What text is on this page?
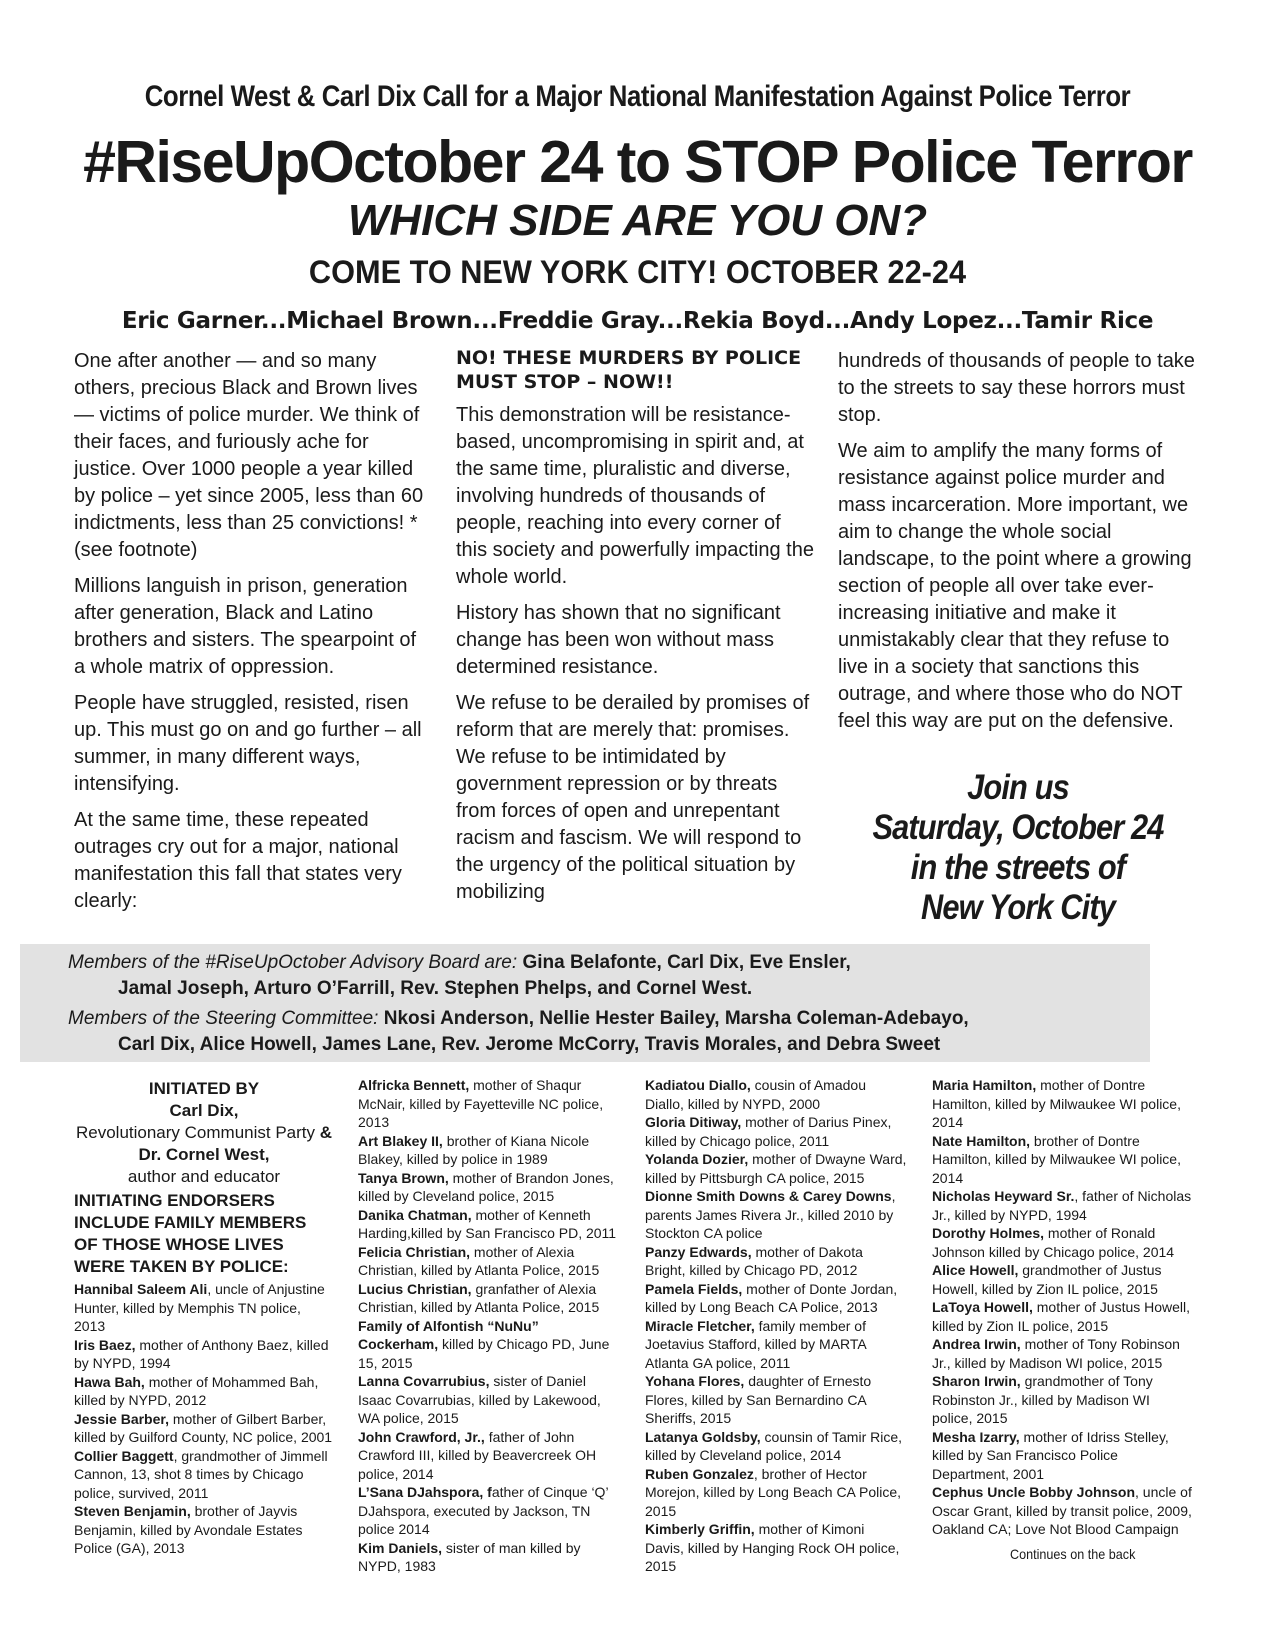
Cornel West & Carl Dix Call for a Major National Manifestation Against Police Terror
#RiseUpOctober 24 to STOP Police Terror
WHICH SIDE ARE YOU ON?
COME TO NEW YORK CITY! OCTOBER 22-24
Eric Garner...Michael Brown...Freddie Gray...Rekia Boyd...Andy Lopez...Tamir Rice

One after another — and so many others, precious Black and Brown lives — victims of police murder. We think of their faces, and furiously ache for justice. Over 1000 people a year killed by police – yet since 2005, less than 60 indictments, less than 25 convictions! * (see footnote)

Millions languish in prison, generation after generation, Black and Latino brothers and sisters. The spearpoint of a whole matrix of oppression.

People have struggled, resisted, risen up. This must go on and go further – all summer, in many different ways, intensifying.

At the same time, these repeated outrages cry out for a major, national manifestation this fall that states very clearly:

NO! THESE MURDERS BY POLICE MUST STOP – NOW!!

This demonstration will be resistance-based, uncompromising in spirit and, at the same time, pluralistic and diverse, involving hundreds of thousands of people, reaching into every corner of this society and powerfully impacting the whole world.

History has shown that no significant change has been won without mass determined resistance.

We refuse to be derailed by promises of reform that are merely that: promises. We refuse to be intimidated by government repression or by threats from forces of open and unrepentant racism and fascism. We will respond to the urgency of the political situation by mobilizing

hundreds of thousands of people to take to the streets to say these horrors must stop.

We aim to amplify the many forms of resistance against police murder and mass incarceration. More important, we aim to change the whole social landscape, to the point where a growing section of people all over take ever-increasing initiative and make it unmistakably clear that they refuse to live in a society that sanctions this outrage, and where those who do NOT feel this way are put on the defensive.

Join us
Saturday, October 24
in the streets of
New York City
Members of the #RiseUpOctober Advisory Board are: Gina Belafonte, Carl Dix, Eve Ensler,
Jamal Joseph, Arturo O’Farrill, Rev. Stephen Phelps, and Cornel West.
Members of the Steering Committee: Nkosi Anderson, Nellie Hester Bailey, Marsha Coleman-Adebayo,
Carl Dix, Alice Howell, James Lane, Rev. Jerome McCorry, Travis Morales, and Debra Sweet
INITIATED BY
Carl Dix,
Revolutionary Communist Party &
Dr. Cornel West,
author and educator
INITIATING ENDORSERS INCLUDE FAMILY MEMBERS OF THOSE WHOSE LIVES WERE TAKEN BY POLICE:
Hannibal Saleem Ali, uncle of Anjustine Hunter, killed by Memphis TN police, 2013
Iris Baez, mother of Anthony Baez, killed by NYPD, 1994
Hawa Bah, mother of Mohammed Bah, killed by NYPD, 2012
Jessie Barber, mother of Gilbert Barber, killed by Guilford County, NC police, 2001
Collier Baggett, grandmother of Jimmell Cannon, 13, shot 8 times by Chicago police, survived, 2011
Steven Benjamin, brother of Jayvis Benjamin, killed by Avondale Estates Police (GA), 2013
Alfricka Bennett, mother of Shaqur McNair, killed by Fayetteville NC police, 2013
Art Blakey II, brother of Kiana Nicole Blakey, killed by police in 1989
Tanya Brown, mother of Brandon Jones, killed by Cleveland police, 2015
Danika Chatman, mother of Kenneth Harding,killed by San Francisco PD, 2011
Felicia Christian, mother of Alexia Christian, killed by Atlanta Police, 2015
Lucius Christian, granfather of Alexia Christian, killed by Atlanta Police, 2015
Family of Alfontish “NuNu” Cockerham, killed by Chicago PD, June 15, 2015
Lanna Covarrubius, sister of Daniel Isaac Covarrubias, killed by Lakewood, WA police, 2015
John Crawford, Jr., father of John Crawford III, killed by Beavercreek OH police, 2014
L’Sana DJahspora, father of Cinque ‘Q’ DJahspora, executed by Jackson, TN police 2014
Kim Daniels, sister of man killed by NYPD, 1983
Kadiatou Diallo, cousin of Amadou Diallo, killed by NYPD, 2000
Gloria Ditiway, mother of Darius Pinex, killed by Chicago police, 2011
Yolanda Dozier, mother of Dwayne Ward, killed by Pittsburgh CA police, 2015
Dionne Smith Downs & Carey Downs, parents James Rivera Jr., killed 2010 by Stockton CA police
Panzy Edwards, mother of Dakota Bright, killed by Chicago PD, 2012
Pamela Fields, mother of Donte Jordan, killed by Long Beach CA Police, 2013
Miracle Fletcher, family member of Joetavius Stafford, killed by MARTA Atlanta GA police, 2011
Yohana Flores, daughter of Ernesto Flores, killed by San Bernardino CA Sheriffs, 2015
Latanya Goldsby, counsin of Tamir Rice, killed by Cleveland police, 2014
Ruben Gonzalez, brother of Hector Morejon, killed by Long Beach CA Police, 2015
Kimberly Griffin, mother of Kimoni Davis, killed by Hanging Rock OH police, 2015
Maria Hamilton, mother of Dontre Hamilton, killed by Milwaukee WI police, 2014
Nate Hamilton, brother of Dontre Hamilton, killed by Milwaukee WI police, 2014
Nicholas Heyward Sr., father of Nicholas Jr., killed by NYPD, 1994
Dorothy Holmes, mother of Ronald Johnson killed by Chicago police, 2014
Alice Howell, grandmother of Justus Howell, killed by Zion IL police, 2015
LaToya Howell, mother of Justus Howell, killed by Zion IL police, 2015
Andrea Irwin, mother of Tony Robinson Jr., killed by Madison WI police, 2015
Sharon Irwin, grandmother of Tony Robinston Jr., killed by Madison WI police, 2015
Mesha Izarry, mother of Idriss Stelley, killed by San Francisco Police Department, 2001
Cephus Uncle Bobby Johnson, uncle of Oscar Grant, killed by transit police, 2009, Oakland CA; Love Not Blood Campaign
Continues on the back
